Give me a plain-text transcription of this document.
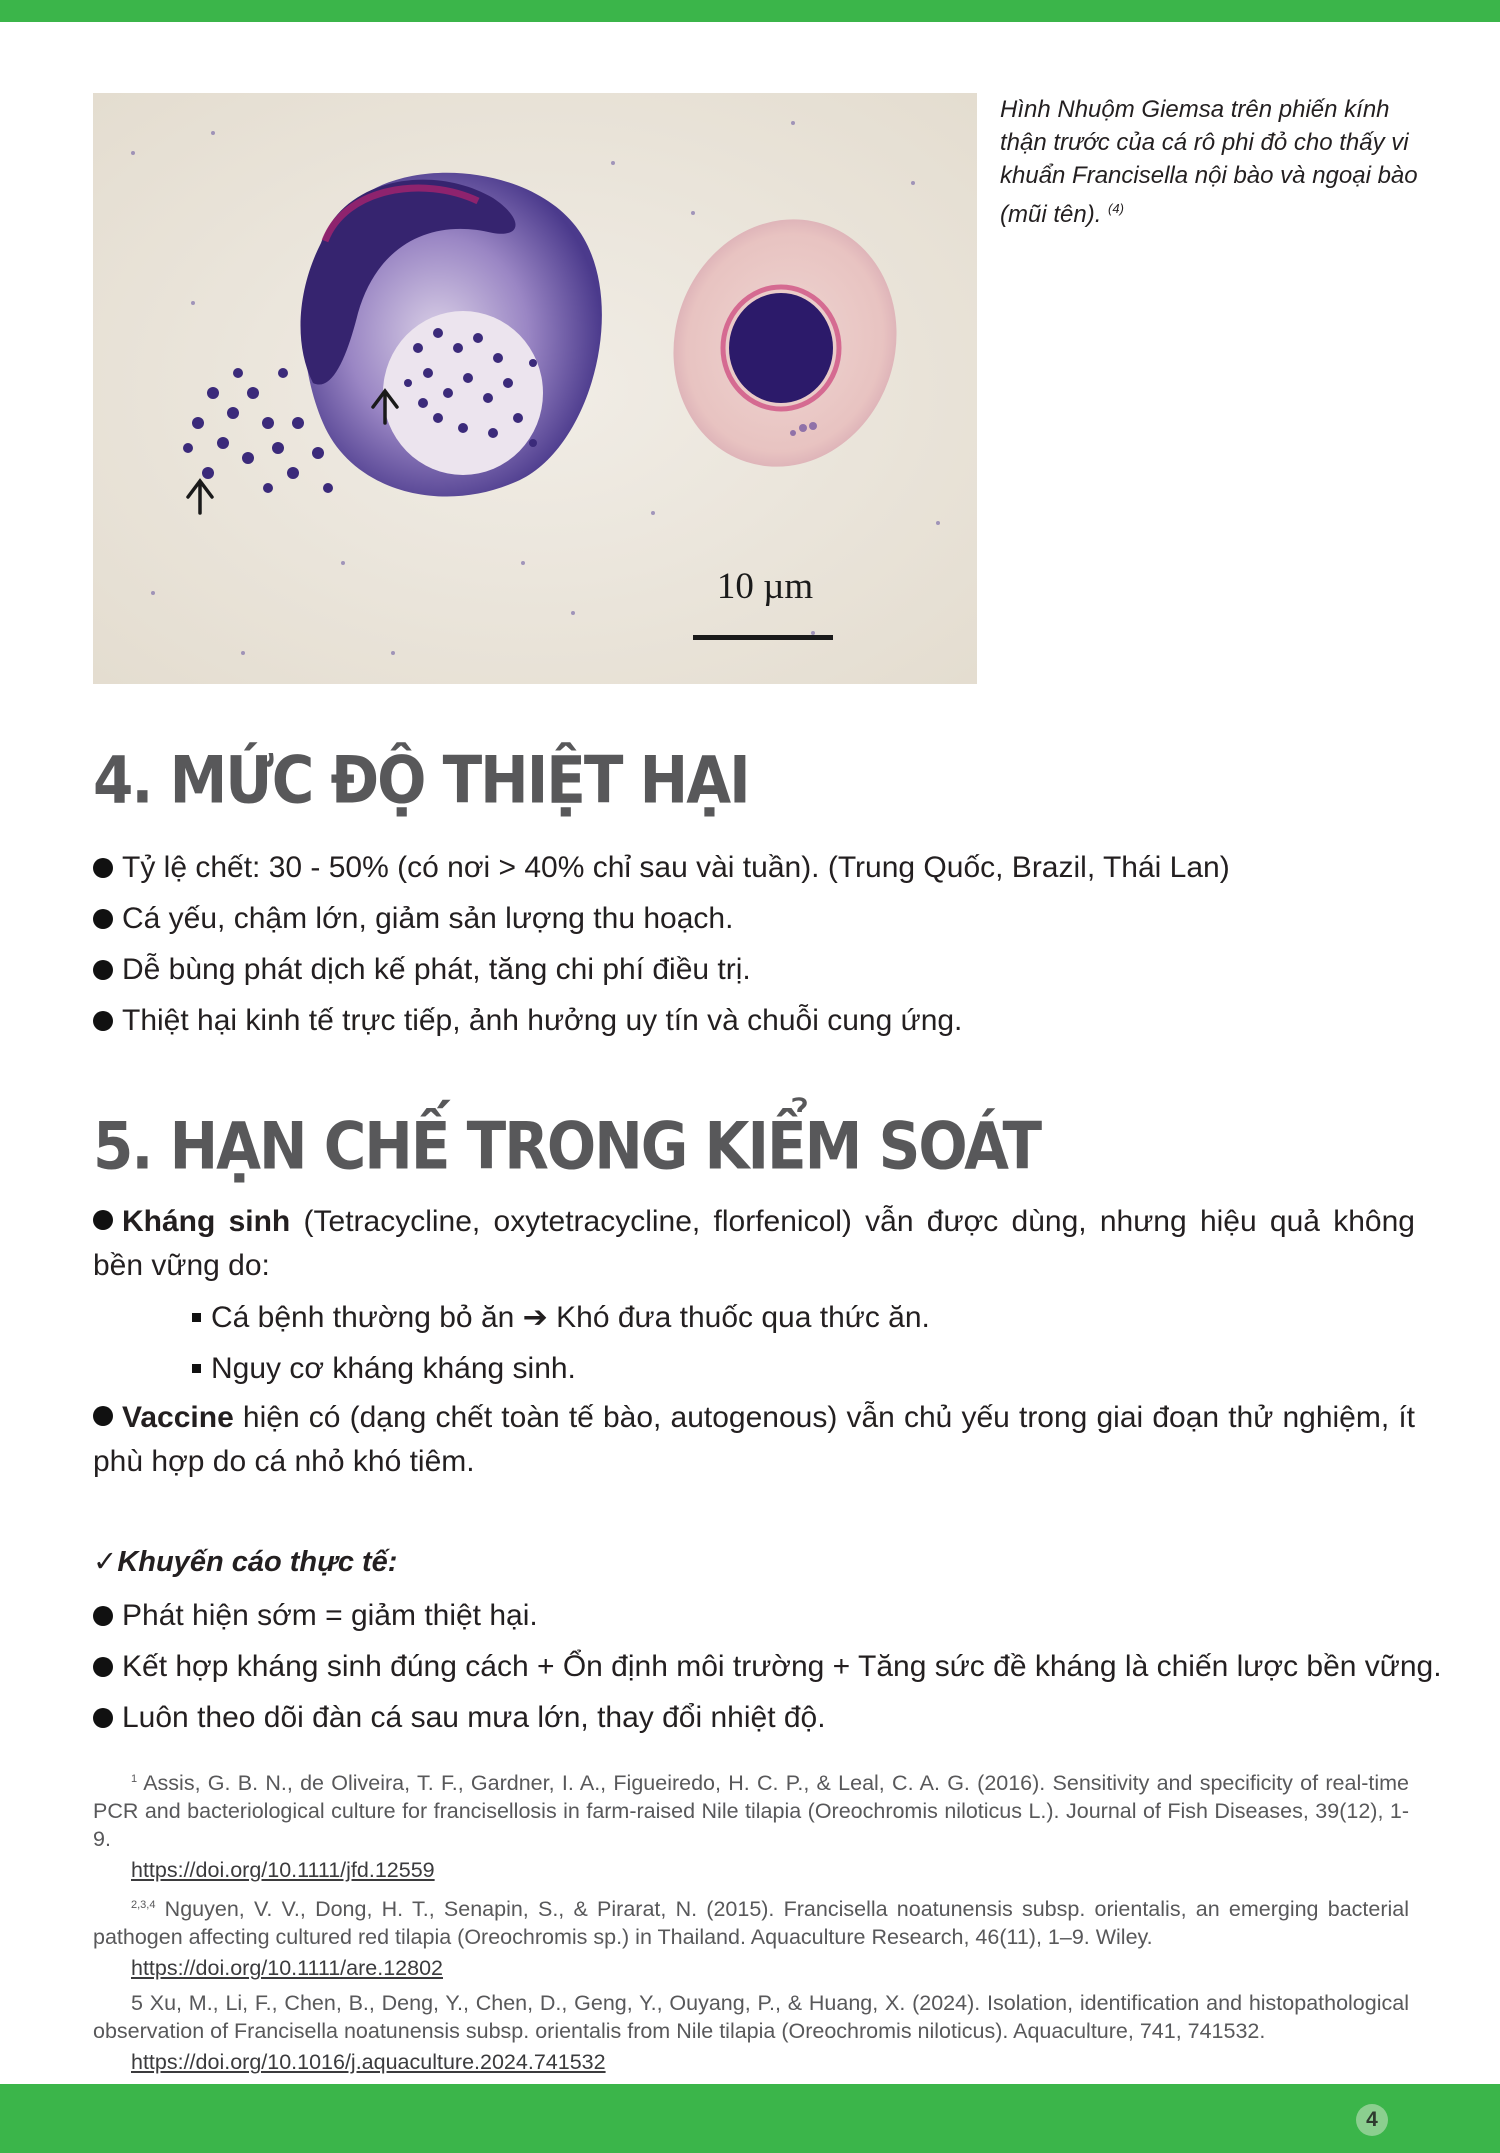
10 µm
Hình Nhuộm Giemsa trên phiến kính thận trước của cá rô phi đỏ cho thấy vi khuẩn Francisella nội bào và ngoại bào (mũi tên). $^{(4)}$
4. MỨC ĐỘ THIỆT HẠI
Tỷ lệ chết: 30 - 50% (có nơi > 40% chỉ sau vài tuần). (Trung Quốc, Brazil, Thái Lan)
Cá yếu, chậm lớn, giảm sản lượng thu hoạch.
Dễ bùng phát dịch kế phát, tăng chi phí điều trị.
Thiệt hại kinh tế trực tiếp, ảnh hưởng uy tín và chuỗi cung ứng.
5. HẠN CHẾ TRONG KIỂM SOÁT
Kháng sinh (Tetracycline, oxytetracycline, florfenicol) vẫn được dùng, nhưng hiệu quả không bền vững do:
Cá bệnh thường bỏ ăn ➔ Khó đưa thuốc qua thức ăn.
Nguy cơ kháng kháng sinh.
Vaccine hiện có (dạng chết toàn tế bào, autogenous) vẫn chủ yếu trong giai đoạn thử nghiệm, ít phù hợp do cá nhỏ khó tiêm.
✓Khuyến cáo thực tế:
Phát hiện sớm = giảm thiệt hại.
Kết hợp kháng sinh đúng cách + Ổn định môi trường + Tăng sức đề kháng là chiến lược bền vững.
Luôn theo dõi đàn cá sau mưa lớn, thay đổi nhiệt độ.

$^1$ Assis, G. B. N., de Oliveira, T. F., Gardner, I. A., Figueiredo, H. C. P., & Leal, C. A. G. (2016). Sensitivity and specificity of real-time PCR and bacteriological culture for francisellosis in farm-raised Nile tilapia (Oreochromis niloticus L.). Journal of Fish Diseases, 39(12), 1-9.

https://doi.org/10.1111/jfd.12559

$^{2,3,4}$ Nguyen, V. V., Dong, H. T., Senapin, S., & Pirarat, N. (2015). Francisella noatunensis subsp. orientalis, an emerging bacterial pathogen affecting cultured red tilapia (Oreochromis sp.) in Thailand. Aquaculture Research, 46(11), 1–9. Wiley.

https://doi.org/10.1111/are.12802

5 Xu, M., Li, F., Chen, B., Deng, Y., Chen, D., Geng, Y., Ouyang, P., & Huang, X. (2024). Isolation, identification and histopathological observation of Francisella noatunensis subsp. orientalis from Nile tilapia (Oreochromis niloticus). Aquaculture, 741, 741532.

https://doi.org/10.1016/j.aquaculture.2024.741532
4
